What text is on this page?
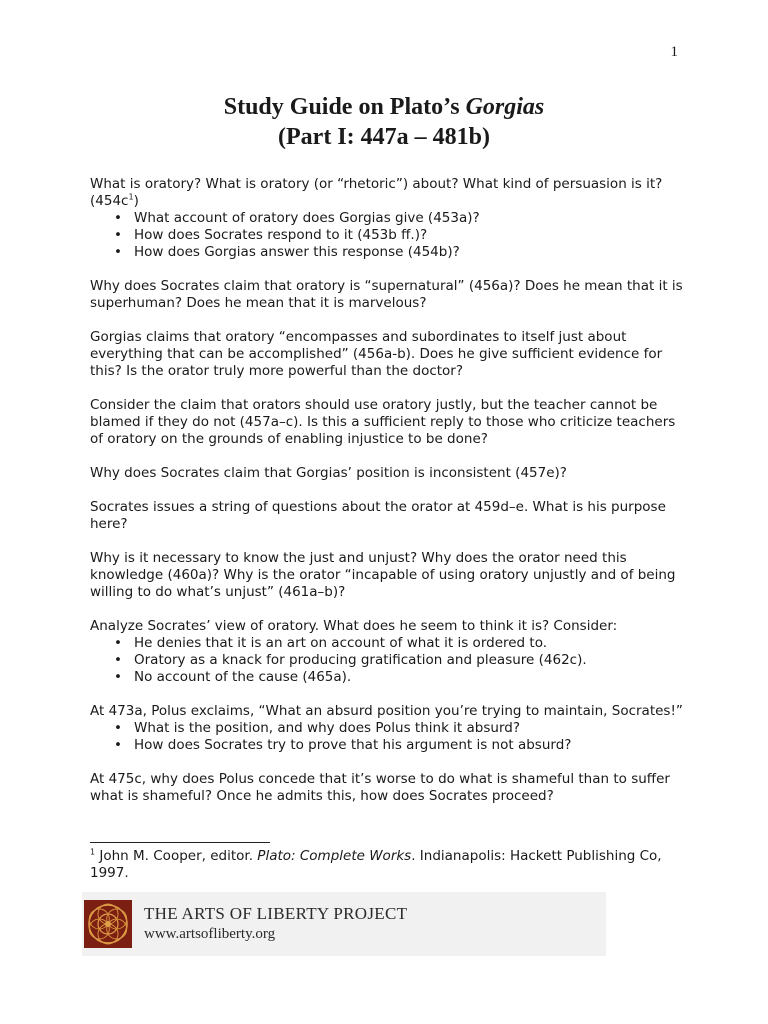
1
Study Guide on Plato’s Gorgias
(Part I: 447a – 481b)

What is oratory? What is oratory (or “rhetoric”) about? What kind of persuasion is it? $(454c^1)$

• What account of oratory does Gorgias give (453a)?
• How does Socrates respond to it (453b ff.)?
• How does Gorgias answer this response (454b)?

Why does Socrates claim that oratory is “supernatural” (456a)? Does he mean that it is superhuman? Does he mean that it is marvelous?

Gorgias claims that oratory “encompasses and subordinates to itself just about everything that can be accomplished” (456a-b). Does he give sufficient evidence for this? Is the orator truly more powerful than the doctor?

Consider the claim that orators should use oratory justly, but the teacher cannot be blamed if they do not (457a–c). Is this a sufficient reply to those who criticize teachers of oratory on the grounds of enabling injustice to be done?

Why does Socrates claim that Gorgias’ position is inconsistent (457e)?

Socrates issues a string of questions about the orator at 459d–e. What is his purpose here?

Why is it necessary to know the just and unjust? Why does the orator need this knowledge (460a)? Why is the orator “incapable of using oratory unjustly and of being willing to do what’s unjust” (461a–b)?

Analyze Socrates’ view of oratory. What does he seem to think it is? Consider:

• He denies that it is an art on account of what it is ordered to.
• Oratory as a knack for producing gratification and pleasure (462c).
• No account of the cause (465a).

At 473a, Polus exclaims, “What an absurd position you’re trying to maintain, Socrates!”

• What is the position, and why does Polus think it absurd?
• How does Socrates try to prove that his argument is not absurd?

At 475c, why does Polus concede that it’s worse to do what is shameful than to suffer what is shameful? Once he admits this, how does Socrates proceed?

$^1$ John M. Cooper, editor. Plato: Complete Works. Indianapolis: Hackett Publishing Co, 1997.
THE ARTS OF LIBERTY PROJECT
www.artsofliberty.org
